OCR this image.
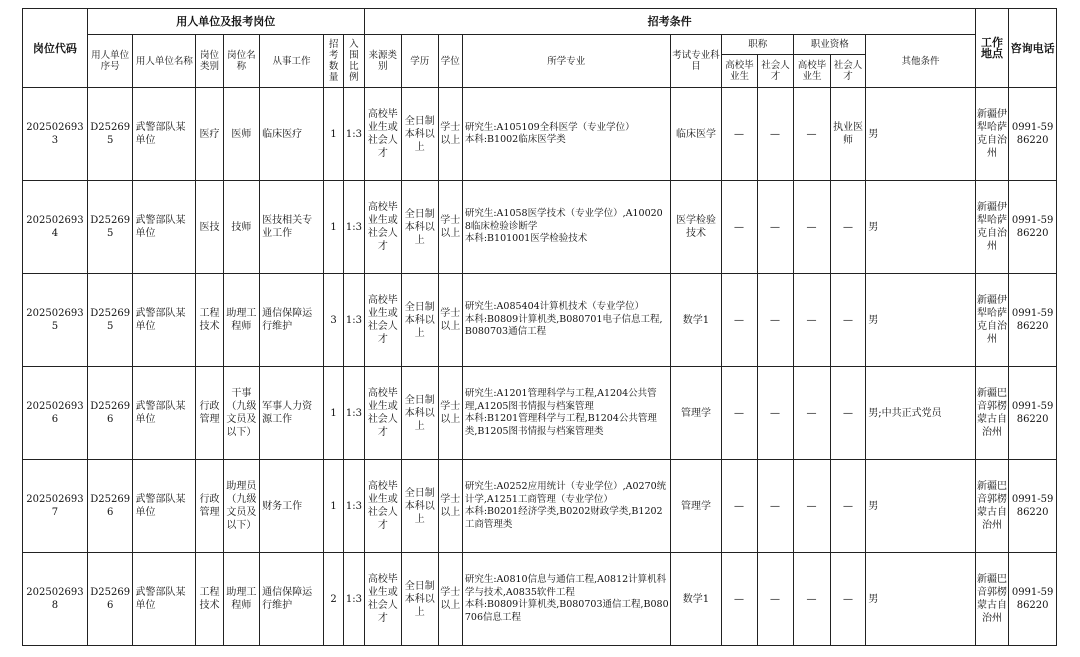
岗位代码	用人单位及报考岗位							招考条件										工作地点	咨询电话
	用人单位序号	用人单位名称	岗位类别	岗位名称	从事工作	招考数量	入围比例	来源类别	学历	学位	所学专业	考试专业科目	职称		职业资格		其他条件		
													高校毕业生	社会人才	高校毕业生	社会人才			
2025026933	D252695	武警部队某单位	医疗	医师	临床医疗	1	1:3	高校毕业生或社会人才	全日制本科以上	学士以上	研究生:A105109全科医学（专业学位）
本科:B1002临床医学类	临床医学	—	—	—	执业医师	男	新疆伊犁哈萨克自治州	0991-5986220
2025026934	D252695	武警部队某单位	医技	技师	医技相关专业工作	1	1:3	高校毕业生或社会人才	全日制本科以上	学士以上	研究生:A1058医学技术（专业学位）,A100208临床检验诊断学
本科:B101001医学检验技术	医学检验技术	—	—	—	—	男	新疆伊犁哈萨克自治州	0991-5986220
2025026935	D252695	武警部队某单位	工程技术	助理工程师	通信保障运行维护	3	1:3	高校毕业生或社会人才	全日制本科以上	学士以上	研究生:A085404计算机技术（专业学位）
本科:B0809计算机类,B080701电子信息工程,B080703通信工程	数学1	—	—	—	—	男	新疆伊犁哈萨克自治州	0991-5986220
2025026936	D252696	武警部队某单位	行政管理	干事（九级文员及以下）	军事人力资源工作	1	1:3	高校毕业生或社会人才	全日制本科以上	学士以上	研究生:A1201管理科学与工程,A1204公共管理,A1205图书情报与档案管理
本科:B1201管理科学与工程,B1204公共管理类,B1205图书情报与档案管理类	管理学	—	—	—	—	男;中共正式党员	新疆巴音郭楞蒙古自治州	0991-5986220
2025026937	D252696	武警部队某单位	行政管理	助理员（九级文员及以下）	财务工作	1	1:3	高校毕业生或社会人才	全日制本科以上	学士以上	研究生:A0252应用统计（专业学位）,A0270统计学,A1251工商管理（专业学位）
本科:B0201经济学类,B0202财政学类,B1202工商管理类	管理学	—	—	—	—	男	新疆巴音郭楞蒙古自治州	0991-5986220
2025026938	D252696	武警部队某单位	工程技术	助理工程师	通信保障运行维护	2	1:3	高校毕业生或社会人才	全日制本科以上	学士以上	研究生:A0810信息与通信工程,A0812计算机科学与技术,A0835软件工程
本科:B0809计算机类,B080703通信工程,B080706信息工程	数学1	—	—	—	—	男	新疆巴音郭楞蒙古自治州	0991-5986220
